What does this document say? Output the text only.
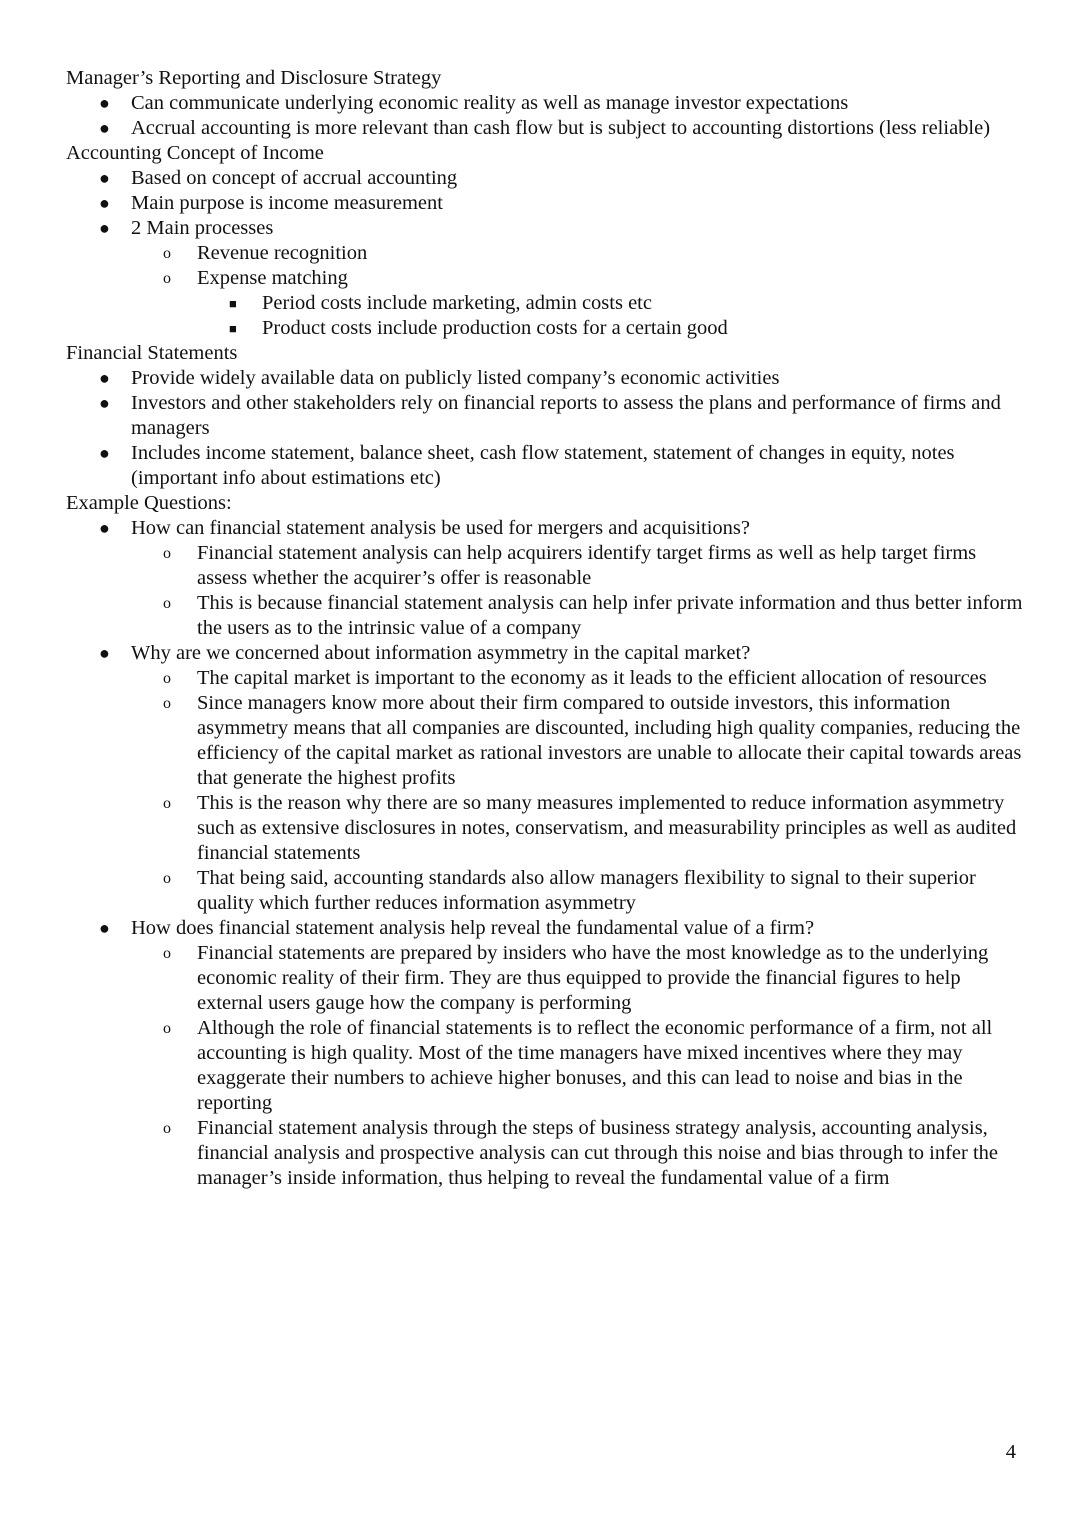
Manager’s Reporting and Disclosure Strategy

● Can communicate underlying economic reality as well as manage investor expectations
● Accrual accounting is more relevant than cash flow but is subject to accounting distortions (less reliable)

Accounting Concept of Income

● Based on concept of accrual accounting
● Main purpose is income measurement
● 2 Main processes
o Revenue recognition
o Expense matching
■ Period costs include marketing, admin costs etc
■ Product costs include production costs for a certain good

Financial Statements

● Provide widely available data on publicly listed company’s economic activities
● Investors and other stakeholders rely on financial reports to assess the plans and performance of firms and managers
● Includes income statement, balance sheet, cash flow statement, statement of changes in equity, notes (important info about estimations etc)

Example Questions:

● How can financial statement analysis be used for mergers and acquisitions?
o Financial statement analysis can help acquirers identify target firms as well as help target firms assess whether the acquirer’s offer is reasonable
o This is because financial statement analysis can help infer private information and thus better inform the users as to the intrinsic value of a company
● Why are we concerned about information asymmetry in the capital market?
o The capital market is important to the economy as it leads to the efficient allocation of resources
o Since managers know more about their firm compared to outside investors, this information asymmetry means that all companies are discounted, including high quality companies, reducing the efficiency of the capital market as rational investors are unable to allocate their capital towards areas that generate the highest profits
o This is the reason why there are so many measures implemented to reduce information asymmetry such as extensive disclosures in notes, conservatism, and measurability principles as well as audited financial statements
o That being said, accounting standards also allow managers flexibility to signal to their superior quality which further reduces information asymmetry
● How does financial statement analysis help reveal the fundamental value of a firm?
o Financial statements are prepared by insiders who have the most knowledge as to the underlying economic reality of their firm. They are thus equipped to provide the financial figures to help external users gauge how the company is performing
o Although the role of financial statements is to reflect the economic performance of a firm, not all accounting is high quality. Most of the time managers have mixed incentives where they may exaggerate their numbers to achieve higher bonuses, and this can lead to noise and bias in the reporting
o Financial statement analysis through the steps of business strategy analysis, accounting analysis, financial analysis and prospective analysis can cut through this noise and bias through to infer the manager’s inside information, thus helping to reveal the fundamental value of a firm
4
